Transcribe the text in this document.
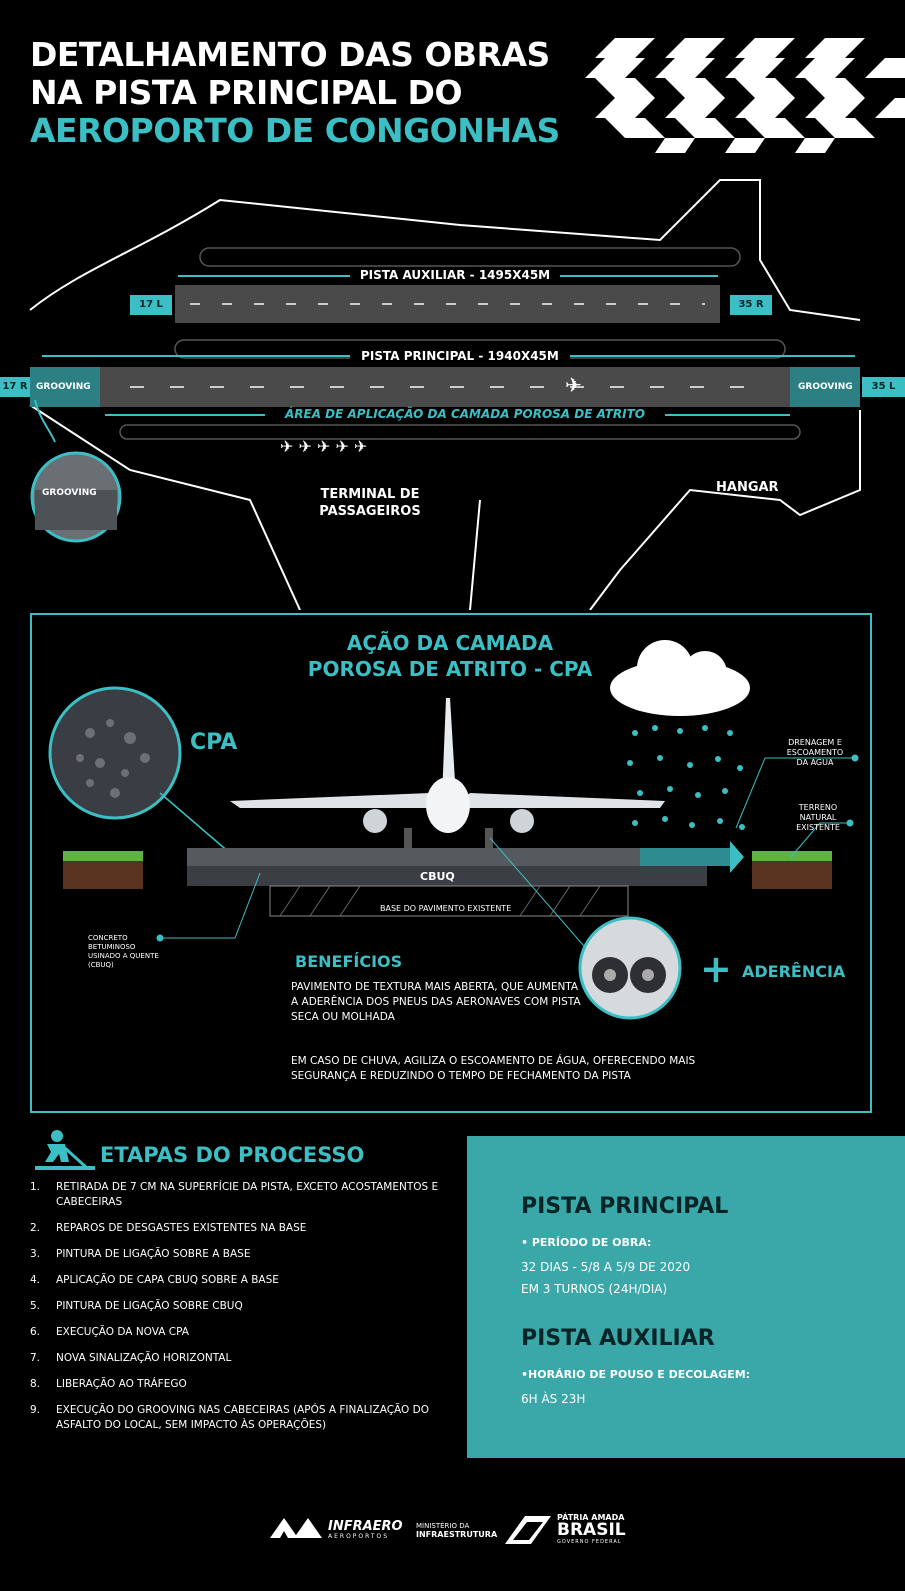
DETALHAMENTO DAS OBRAS
NA PISTA PRINCIPAL DO
AEROPORTO DE CONGONHAS
✈ ✈ ✈ ✈ ✈
✈
PISTA AUXILIAR - 1495X45M
17 L	35 R
PISTA PRINCIPAL - 1940X45M
17 R	35 L
GROOVING	GROOVING
ÁREA DE APLICAÇÃO DA CAMADA POROSA DE ATRITO
GROOVING	TERMINAL DE PASSAGEIROS
HANGAR
AÇÃO DA CAMADA
POROSA DE ATRITO - CPA
CPA	DRENAGEM E ESCOAMENTO DA ÁGUA
TERRENO NATURAL EXISTENTE
CBUQ
BASE DO PAVIMENTO EXISTENTE
CONCRETO BETUMINOSO USINADO A QUENTE (CBUQ)	BENEFÍCIOS
PAVIMENTO DE TEXTURA MAIS ABERTA, QUE AUMENTA A ADERÊNCIA DOS PNEUS DAS AERONAVES COM PISTA SECA OU MOLHADA
EM CASO DE CHUVA, AGILIZA O ESCOAMENTO DE ÁGUA, OFERECENDO MAIS SEGURANÇA E REDUZINDO O TEMPO DE FECHAMENTO DA PISTA
+ ADERÊNCIA
ETAPAS DO PROCESSO
1.	RETIRADA DE 7 CM NA SUPERFÍCIE DA PISTA, EXCETO ACOSTAMENTOS E CABECEIRAS
2.	REPAROS DE DESGASTES EXISTENTES NA BASE
3.	PINTURA DE LIGAÇÃO SOBRE A BASE
4.	APLICAÇÃO DE CAPA CBUQ SOBRE A BASE
5.	PINTURA DE LIGAÇÃO SOBRE CBUQ
6.	EXECUÇÃO DA NOVA CPA
7.	NOVA SINALIZAÇÃO HORIZONTAL
8.	LIBERAÇÃO AO TRÁFEGO
9.	EXECUÇÃO DO GROOVING NAS CABECEIRAS (APÓS A FINALIZAÇÃO DO ASFALTO DO LOCAL, SEM IMPACTO ÀS OPERAÇÕES)
PISTA PRINCIPAL
• PERÍODO DE OBRA:
32 DIAS - 5/8 A 5/9 DE 2020
EM 3 TURNOS (24H/DIA)
PISTA AUXILIAR
•HORÁRIO DE POUSO E DECOLAGEM:
6H ÀS 23H
INFRAERO
AEROPORTOS
MINISTÉRIO DA
INFRAESTRUTURA
PÁTRIA AMADA
BRASIL
GOVERNO FEDERAL
